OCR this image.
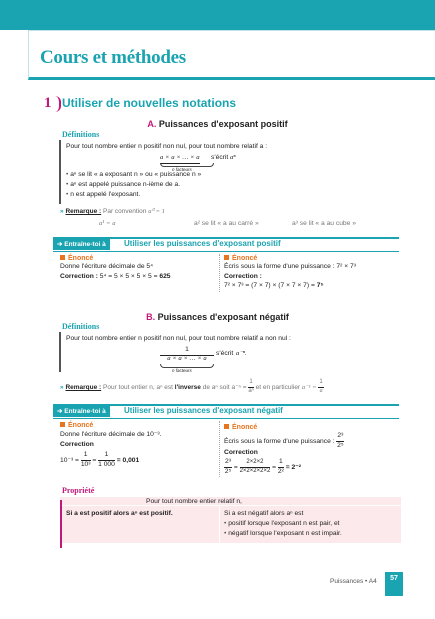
Cours et méthodes
1 Utiliser de nouvelles notations
A. Puissances d'exposant positif
Définitions
Pour tout nombre entier n positif non nul, pour tout nombre relatif a :
a × a × … × a
n facteurs
s'écrit aⁿ
• aⁿ se lit « a exposant n » ou « puissance n »
• aⁿ est appelé puissance n-ième de a.
• n est appelé l'exposant.
» Remarque : Par convention a⁰ = 1
a¹ = a	a² se lit « a au carré »	a³ se lit « a au cube »
➔ Entraîne-toi à	Utiliser les puissances d'exposant positif
Énoncé
Donne l'écriture décimale de 5⁴
Correction : 5⁴ = 5 × 5 × 5 × 5 = 625
Énoncé
Écris sous la forme d'une puissance : 7² × 7³
Correction :
7² × 7³ = (7 × 7) × (7 × 7 × 7) = 7⁵
B. Puissances d'exposant négatif
Définitions
Pour tout nombre entier n positif non nul, pour tout nombre relatif a non nul :
1
a × a × … × a
n facteurs
s'écrit a⁻ⁿ.
» Remarque : Pour tout entier n, aⁿ est l'inverse de aⁿ soit $a^{-n} = \frac{1}{\text{aⁿ}}$ et en particulier $a^{-1} = \frac{1}{a}$
➔ Entraîne-toi à	Utiliser les puissances d'exposant négatif
Énoncé
Donne l'écriture décimale de 10⁻³.
Correction
$10^{-3} = \frac{1}{\text{10³}} = \frac{1}{1 000} = 0,001$
Énoncé
Écris sous la forme d'une puissance : $\frac{\text{2³}}{\text{2⁵}}$
Correction
$\frac{\text{2³}}{\text{2⁵}} = \frac{2\times 2\times 2}{2\times 2\times 2\times 2\times 2} = \frac{1}{\text{2²}} = 2^{-2}$
Propriété
Pour tout nombre entier relatif n,
Si a est positif alors aⁿ est positif.	Si a est négatif alors aⁿ est
• positif lorsque l'exposant n est pair, et
• négatif lorsque l'exposant n est impair.
Puissances • A4	57
